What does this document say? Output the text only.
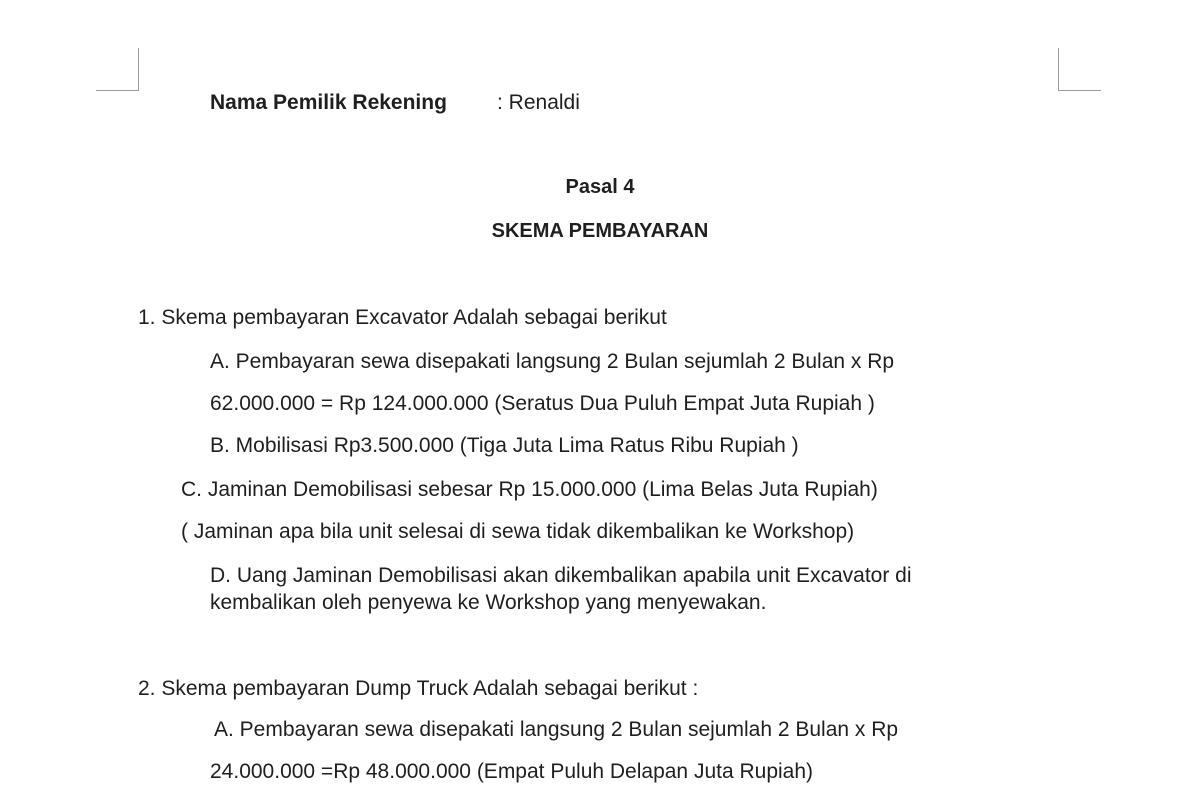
Nama Pemilik Rekening : Renaldi
Pasal 4
SKEMA PEMBAYARAN
1. Skema pembayaran Excavator Adalah sebagai berikut
A. Pembayaran sewa disepakati langsung 2 Bulan sejumlah 2 Bulan x Rp
62.000.000 = Rp 124.000.000 (Seratus Dua Puluh Empat Juta Rupiah )
B. Mobilisasi Rp3.500.000 (Tiga Juta Lima Ratus Ribu Rupiah )
C. Jaminan Demobilisasi sebesar Rp 15.000.000 (Lima Belas Juta Rupiah)
( Jaminan apa bila unit selesai di sewa tidak dikembalikan ke Workshop)
D. Uang Jaminan Demobilisasi akan dikembalikan apabila unit Excavator di
kembalikan oleh penyewa ke Workshop yang menyewakan.
2. Skema pembayaran Dump Truck Adalah sebagai berikut :
A. Pembayaran sewa disepakati langsung 2 Bulan sejumlah 2 Bulan x Rp
24.000.000 =Rp 48.000.000 (Empat Puluh Delapan Juta Rupiah)
